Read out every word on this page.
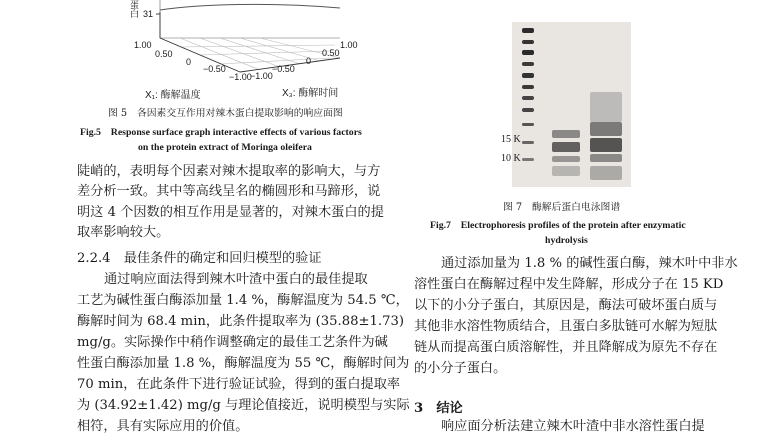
蛋白 31
1.00
0.50
0
−0.50
−1.00
1.00
0.50
0
−0.50
−1.00
X₁: 酶解温度	X₃: 酶解时间
图 5　各因素交互作用对辣木蛋白提取影响的响应面图
Fig.5　Response surface graph interactive effects of various factors
on the protein extract of Moringa oleifera
陡峭的，表明每个因素对辣木提取率的影响大，与方
差分析一致。其中等高线呈名的椭圆形和马蹄形，说
明这 4 个因数的相互作用是显著的，对辣木蛋白的提
取率影响较大。
2.2.4　最佳条件的确定和回归模型的验证
通过响应面法得到辣木叶渣中蛋白的最佳提取
工艺为碱性蛋白酶添加量 1.4 %，酶解温度为 54.5 ℃，
酶解时间为 68.4 min，此条件提取率为 (35.88±1.73)
mg/g。实际操作中稍作调整确定的最佳工艺条件为碱
性蛋白酶添加量 1.8 %，酶解温度为 55 ℃，酶解时间为
70 min，在此条件下进行验证试验，得到的蛋白提取率
为 (34.92±1.42) mg/g 与理论值接近，说明模型与实际
相符，具有实际应用的价值。
15 K
10 K
图 7　酶解后蛋白电泳图谱
Fig.7　Electrophoresis profiles of the protein after enzymatic
hydrolysis
通过添加量为 1.8 % 的碱性蛋白酶，辣木叶中非水
溶性蛋白在酶解过程中发生降解，形成分子在 15 KD
以下的小分子蛋白，其原因是，酶法可破坏蛋白质与
其他非水溶性物质结合，且蛋白多肽链可水解为短肽
链从而提高蛋白质溶解性，并且降解成为原先不存在
的小分子蛋白。
3　结论
响应面分析法建立辣木叶渣中非水溶性蛋白提
